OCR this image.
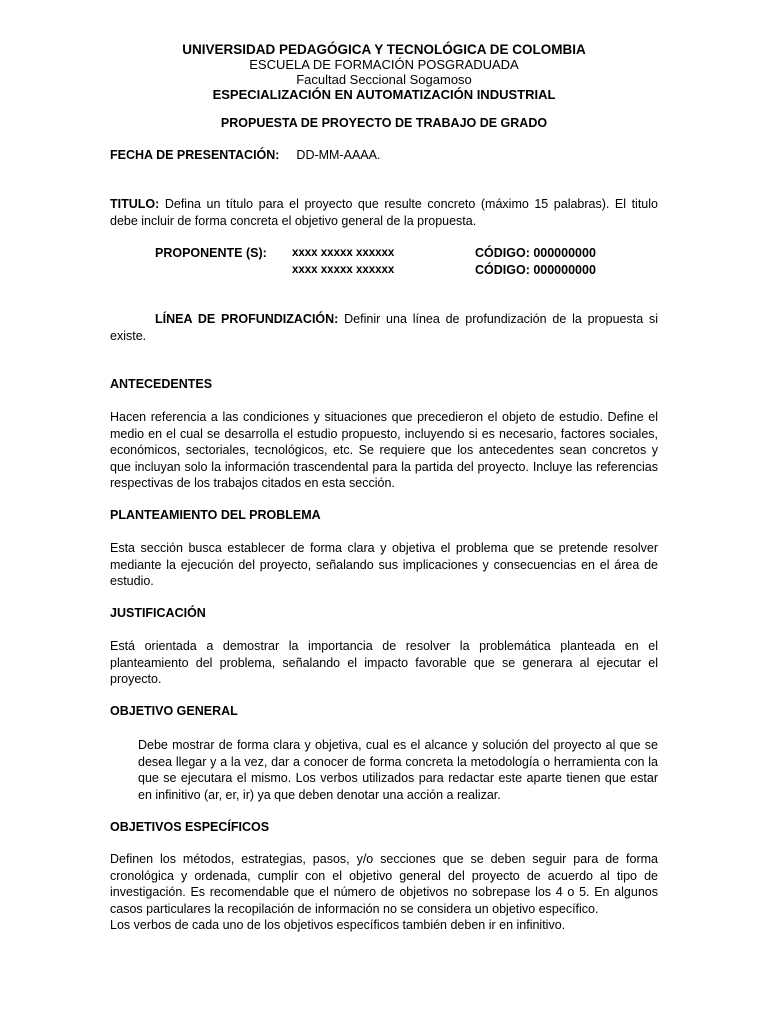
UNIVERSIDAD PEDAGÓGICA Y TECNOLÓGICA DE COLOMBIA
ESCUELA DE FORMACIÓN POSGRADUADA
Facultad Seccional Sogamoso
ESPECIALIZACIÓN EN AUTOMATIZACIÓN INDUSTRIAL
PROPUESTA DE PROYECTO DE TRABAJO DE GRADO
FECHA DE PRESENTACIÓN: DD-MM-AAAA.
TITULO: Defina un título para el proyecto que resulte concreto (máximo 15 palabras). El titulo debe incluir de forma concreta el objetivo general de la propuesta.
PROPONENTE (S): xxxx xxxxx xxxxxx	CÓDIGO: 000000000
xxxx xxxxx xxxxxx	CÓDIGO: 000000000
LÍNEA DE PROFUNDIZACIÓN: Definir una línea de profundización de la propuesta si existe.
ANTECEDENTES
Hacen referencia a las condiciones y situaciones que precedieron el objeto de estudio. Define el medio en el cual se desarrolla el estudio propuesto, incluyendo si es necesario, factores sociales, económicos, sectoriales, tecnológicos, etc. Se requiere que los antecedentes sean concretos y que incluyan solo la información trascendental para la partida del proyecto. Incluye las referencias respectivas de los trabajos citados en esta sección.
PLANTEAMIENTO DEL PROBLEMA
Esta sección busca establecer de forma clara y objetiva el problema que se pretende resolver mediante la ejecución del proyecto, señalando sus implicaciones y consecuencias en el área de estudio.
JUSTIFICACIÓN
Está orientada a demostrar la importancia de resolver la problemática planteada en el planteamiento del problema, señalando el impacto favorable que se generara al ejecutar el proyecto.
OBJETIVO GENERAL
Debe mostrar de forma clara y objetiva, cual es el alcance y solución del proyecto al que se desea llegar y a la vez, dar a conocer de forma concreta la metodología o herramienta con la que se ejecutara el mismo. Los verbos utilizados para redactar este aparte tienen que estar en infinitivo (ar, er, ir) ya que deben denotar una acción a realizar.
OBJETIVOS ESPECÍFICOS
Definen los métodos, estrategias, pasos, y/o secciones que se deben seguir para de forma cronológica y ordenada, cumplir con el objetivo general del proyecto de acuerdo al tipo de investigación. Es recomendable que el número de objetivos no sobrepase los 4 o 5. En algunos casos particulares la recopilación de información no se considera un objetivo específico.
Los verbos de cada uno de los objetivos específicos también deben ir en infinitivo.
